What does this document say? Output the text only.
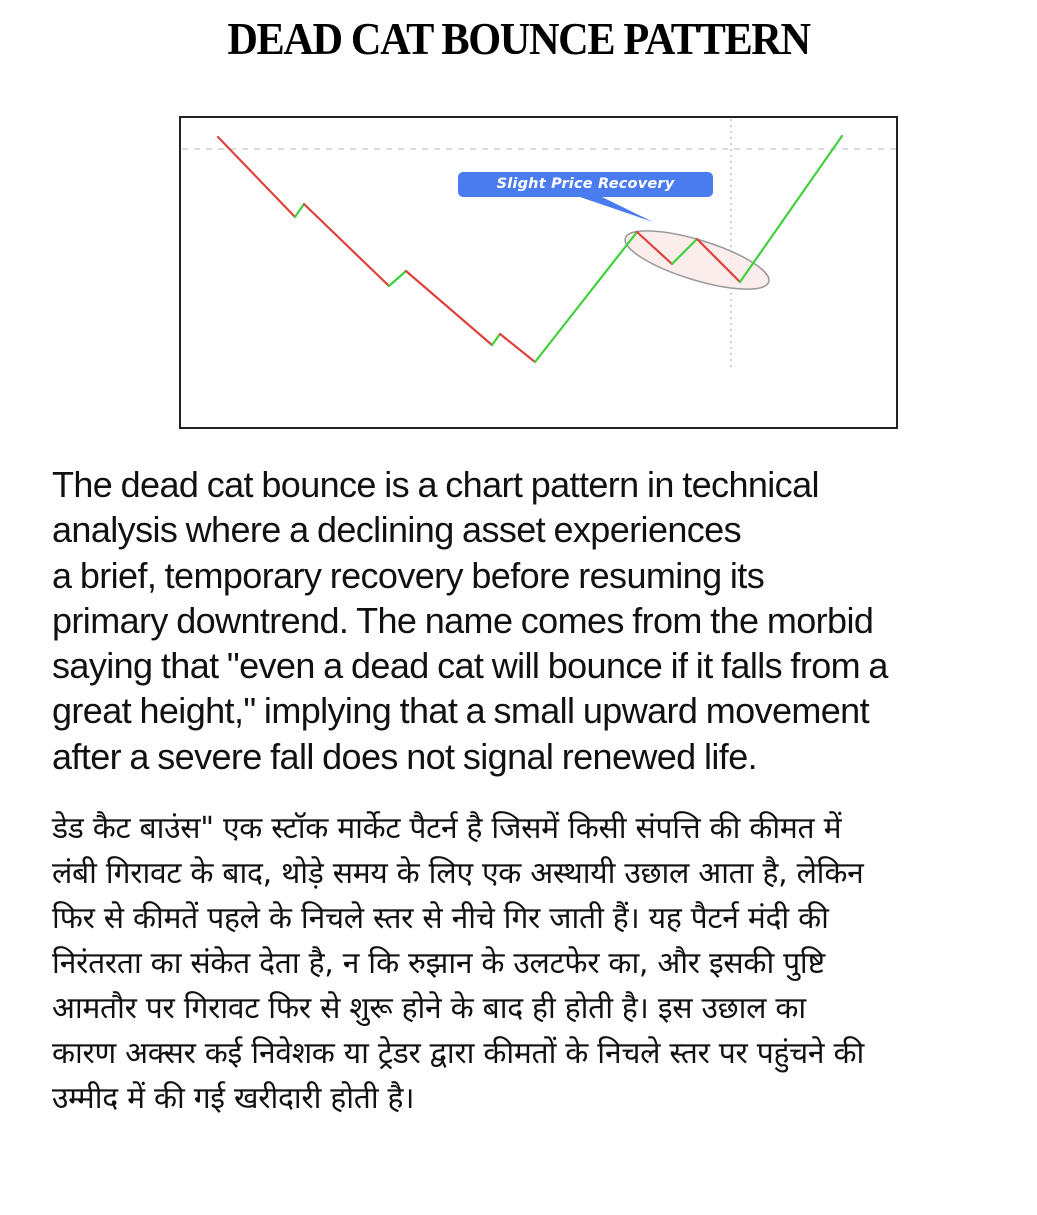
DEAD CAT BOUNCE PATTERN
Slight Price Recovery
The dead cat bounce is a chart pattern in technical
analysis where a declining asset experiences
a brief, temporary recovery before resuming its
primary downtrend. The name comes from the morbid
saying that "even a dead cat will bounce if it falls from a
great height," implying that a small upward movement
after a severe fall does not signal renewed life.
डेड कैट बाउंस" एक स्टॉक मार्केट पैटर्न है जिसमें किसी संपत्ति की कीमत में
लंबी गिरावट के बाद, थोड़े समय के लिए एक अस्थायी उछाल आता है, लेकिन
फिर से कीमतें पहले के निचले स्तर से नीचे गिर जाती हैं। यह पैटर्न मंदी की
निरंतरता का संकेत देता है, न कि रुझान के उलटफेर का, और इसकी पुष्टि
आमतौर पर गिरावट फिर से शुरू होने के बाद ही होती है। इस उछाल का
कारण अक्सर कई निवेशक या ट्रेडर द्वारा कीमतों के निचले स्तर पर पहुंचने की
उम्मीद में की गई खरीदारी होती है।
